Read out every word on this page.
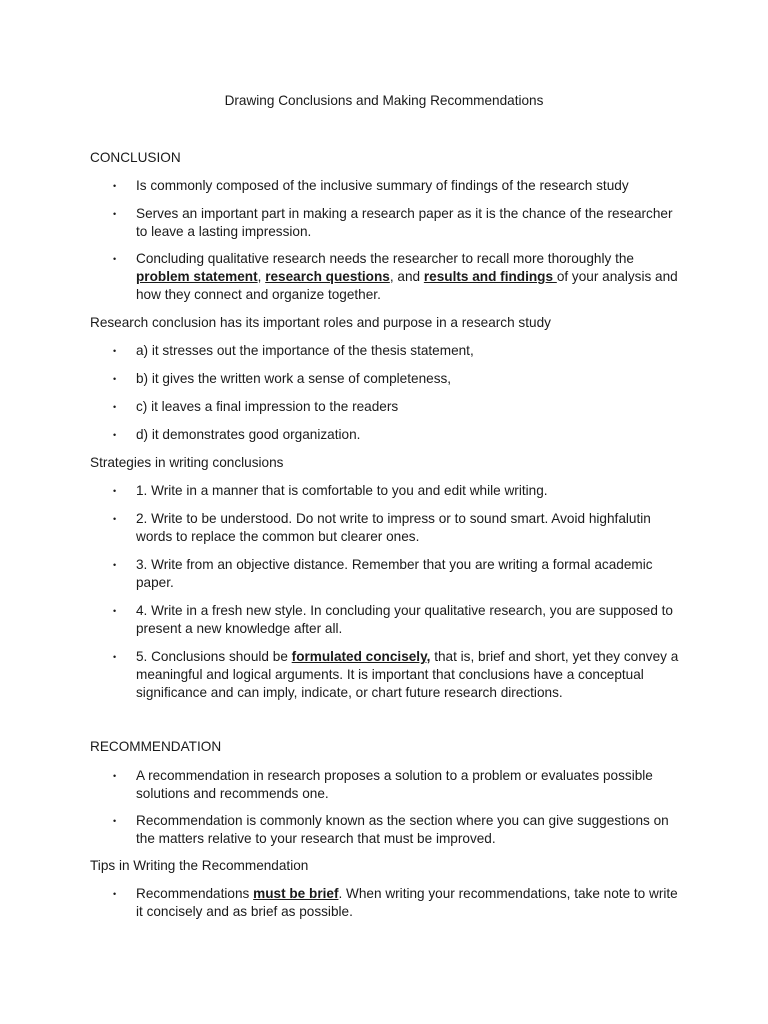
Drawing Conclusions and Making Recommendations
CONCLUSION
• Is commonly composed of the inclusive summary of findings of the research study
• Serves an important part in making a research paper as it is the chance of the researcher to leave a lasting impression.
• Concluding qualitative research needs the researcher to recall more thoroughly the problem statement, research questions, and results and findings of your analysis and how they connect and organize together.
Research conclusion has its important roles and purpose in a research study
• a) it stresses out the importance of the thesis statement,
• b) it gives the written work a sense of completeness,
• c) it leaves a final impression to the readers
• d) it demonstrates good organization.
Strategies in writing conclusions
• 1. Write in a manner that is comfortable to you and edit while writing.
• 2. Write to be understood. Do not write to impress or to sound smart. Avoid highfalutin words to replace the common but clearer ones.
• 3. Write from an objective distance. Remember that you are writing a formal academic paper.
• 4. Write in a fresh new style. In concluding your qualitative research, you are supposed to present a new knowledge after all.
• 5. Conclusions should be formulated concisely, that is, brief and short, yet they convey a meaningful and logical arguments. It is important that conclusions have a conceptual significance and can imply, indicate, or chart future research directions.
RECOMMENDATION
• A recommendation in research proposes a solution to a problem or evaluates possible solutions and recommends one.
• Recommendation is commonly known as the section where you can give suggestions on the matters relative to your research that must be improved.
Tips in Writing the Recommendation
• Recommendations must be brief. When writing your recommendations, take note to write it concisely and as brief as possible.
